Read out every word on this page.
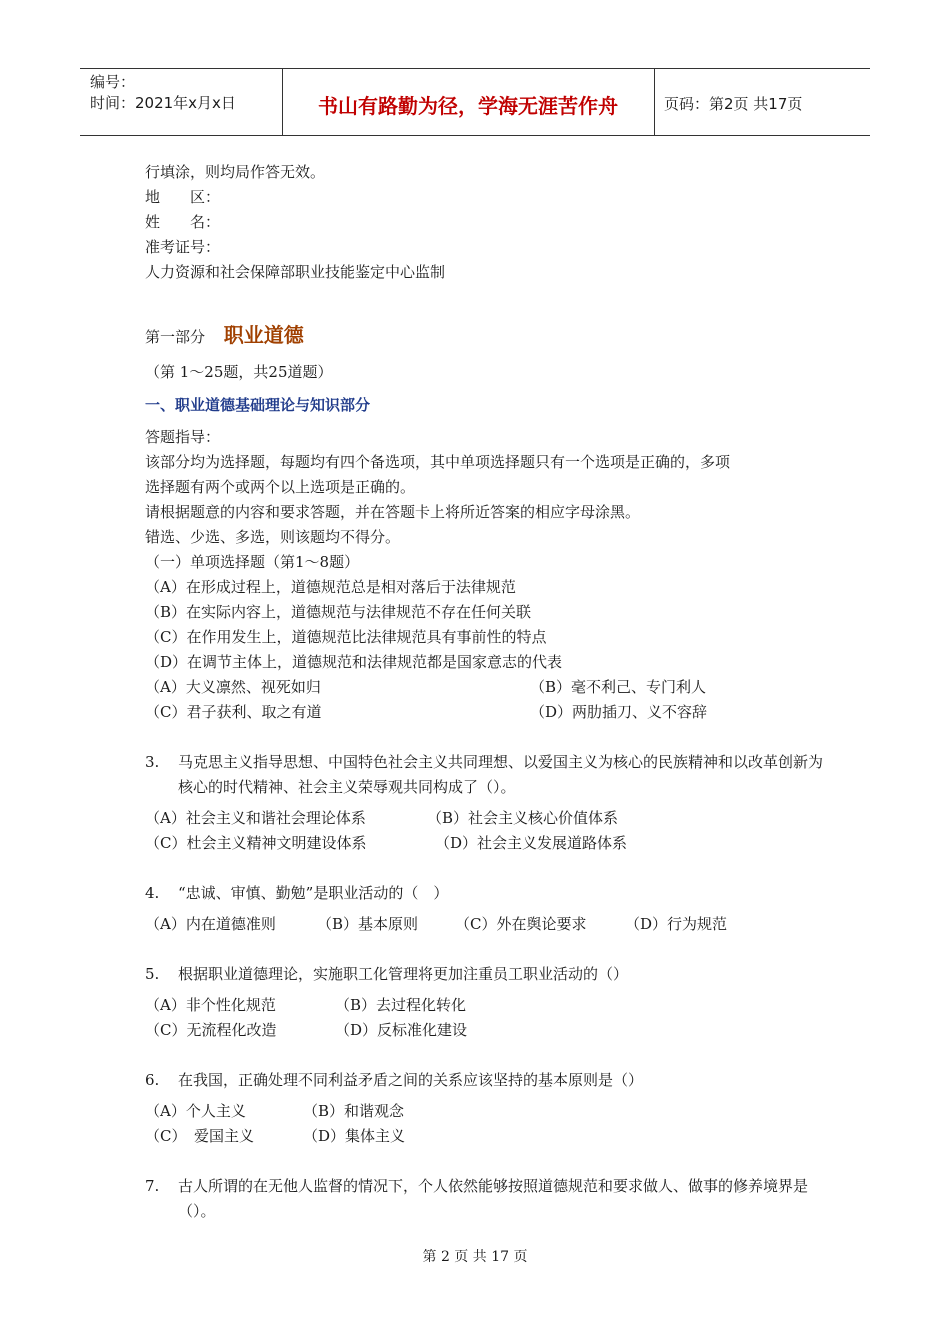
编号：
时间：2021年x月x日	书山有路勤为径，学海无涯苦作舟	页码：第2页 共17页
行填涂，则均局作答无效。
地　　区：
姓　　名：
准考证号：
人力资源和社会保障部职业技能鉴定中心监制
第一部分 职业道德
（第 1～25题，共25道题）
一、职业道德基础理论与知识部分
答题指导：
该部分均为选择题，每题均有四个备选项，其中单项选择题只有一个选项是正确的，多项
选择题有两个或两个以上选项是正确的。
请根据题意的内容和要求答题，并在答题卡上将所近答案的相应字母涂黑。
错选、少选、多选，则该题均不得分。
（一）单项选择题（第1～8题）
（A）在形成过程上，道德规范总是相对落后于法律规范
（B）在实际内容上，道德规范与法律规范不存在任何关联
（C）在作用发生上，道德规范比法律规范具有事前性的特点
（D）在调节主体上，道德规范和法律规范都是国家意志的代表
（A）大义凛然、视死如归	（B）毫不利己、专门利人
（C）君子获利、取之有道	（D）两肋插刀、义不容辞
3.	马克思主义指导思想、中国特色社会主义共同理想、以爱国主义为核心的民族精神和以改革创新为核心的时代精神、社会主义荣辱观共同构成了（）。
（A）社会主义和谐社会理论体系	（B）社会主义核心价值体系
（C）杜会主义精神文明建设体系	（D）社会主义发展道路体系
4.	“忠诚、审慎、勤勉”是职业活动的（　）
（A）内在道德准则	（B）基本原则	（C）外在舆论要求	（D）行为规范
5.	根据职业道德理论，实施职工化管理将更加注重员工职业活动的（）
（A）非个性化规范	（B）去过程化转化
（C）无流程化改造	（D）反标准化建设
6.	在我国，正确处理不同利益矛盾之间的关系应该坚持的基本原则是（）
（A）个人主义	（B）和谐观念
（C）　爱国主义	（D）集体主义
7.	古人所谓的在无他人监督的情况下，个人依然能够按照道德规范和要求做人、做事的修养境界是（）。
第 2 页 共 17 页
